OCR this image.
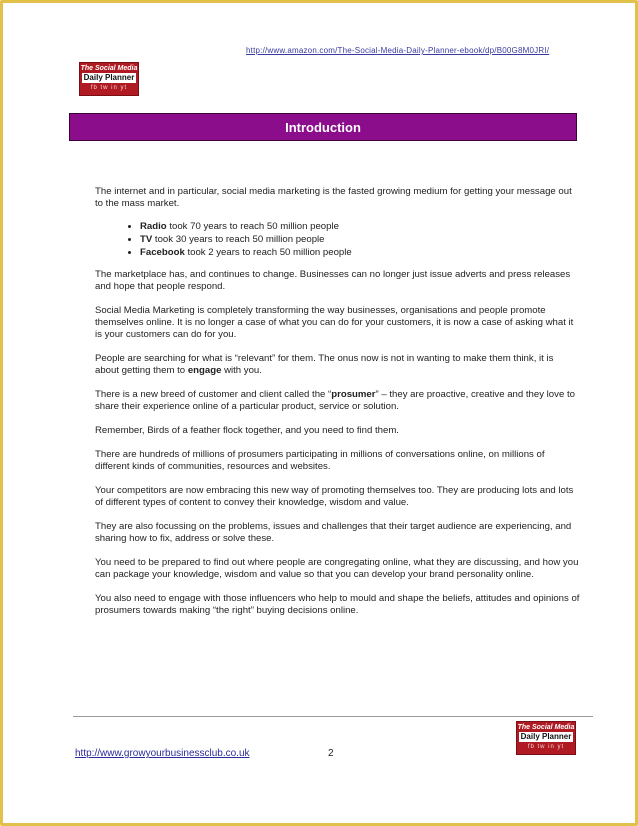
http://www.amazon.com/The-Social-Media-Daily-Planner-ebook/dp/B00G8M0JRI/
The Social Media
Daily Planner
fb tw in yt
Introduction

The internet and in particular, social media marketing is the fasted growing medium for getting your message out to the mass market.

• Radio took 70 years to reach 50 million people
• TV took 30 years to reach 50 million people
• Facebook took 2 years to reach 50 million people

The marketplace has, and continues to change. Businesses can no longer just issue adverts and press releases and hope that people respond.

Social Media Marketing is completely transforming the way businesses, organisations and people promote themselves online. It is no longer a case of what you can do for your customers, it is now a case of asking what it is your customers can do for you.

People are searching for what is “relevant” for them. The onus now is not in wanting to make them think, it is about getting them to engage with you.

There is a new breed of customer and client called the “prosumer” – they are proactive, creative and they love to share their experience online of a particular product, service or solution.

Remember, Birds of a feather flock together, and you need to find them.

There are hundreds of millions of prosumers participating in millions of conversations online, on millions of different kinds of communities, resources and websites.

Your competitors are now embracing this new way of promoting themselves too. They are producing lots and lots of different types of content to convey their knowledge, wisdom and value.

They are also focussing on the problems, issues and challenges that their target audience are experiencing, and sharing how to fix, address or solve these.

You need to be prepared to find out where people are congregating online, what they are discussing, and how you can package your knowledge, wisdom and value so that you can develop your brand personality online.

You also need to engage with those influencers who help to mould and shape the beliefs, attitudes and opinions of prosumers towards making “the right” buying decisions online.

The Social Media
Daily Planner
fb tw in yt
http://www.growyourbusinessclub.co.uk	2
